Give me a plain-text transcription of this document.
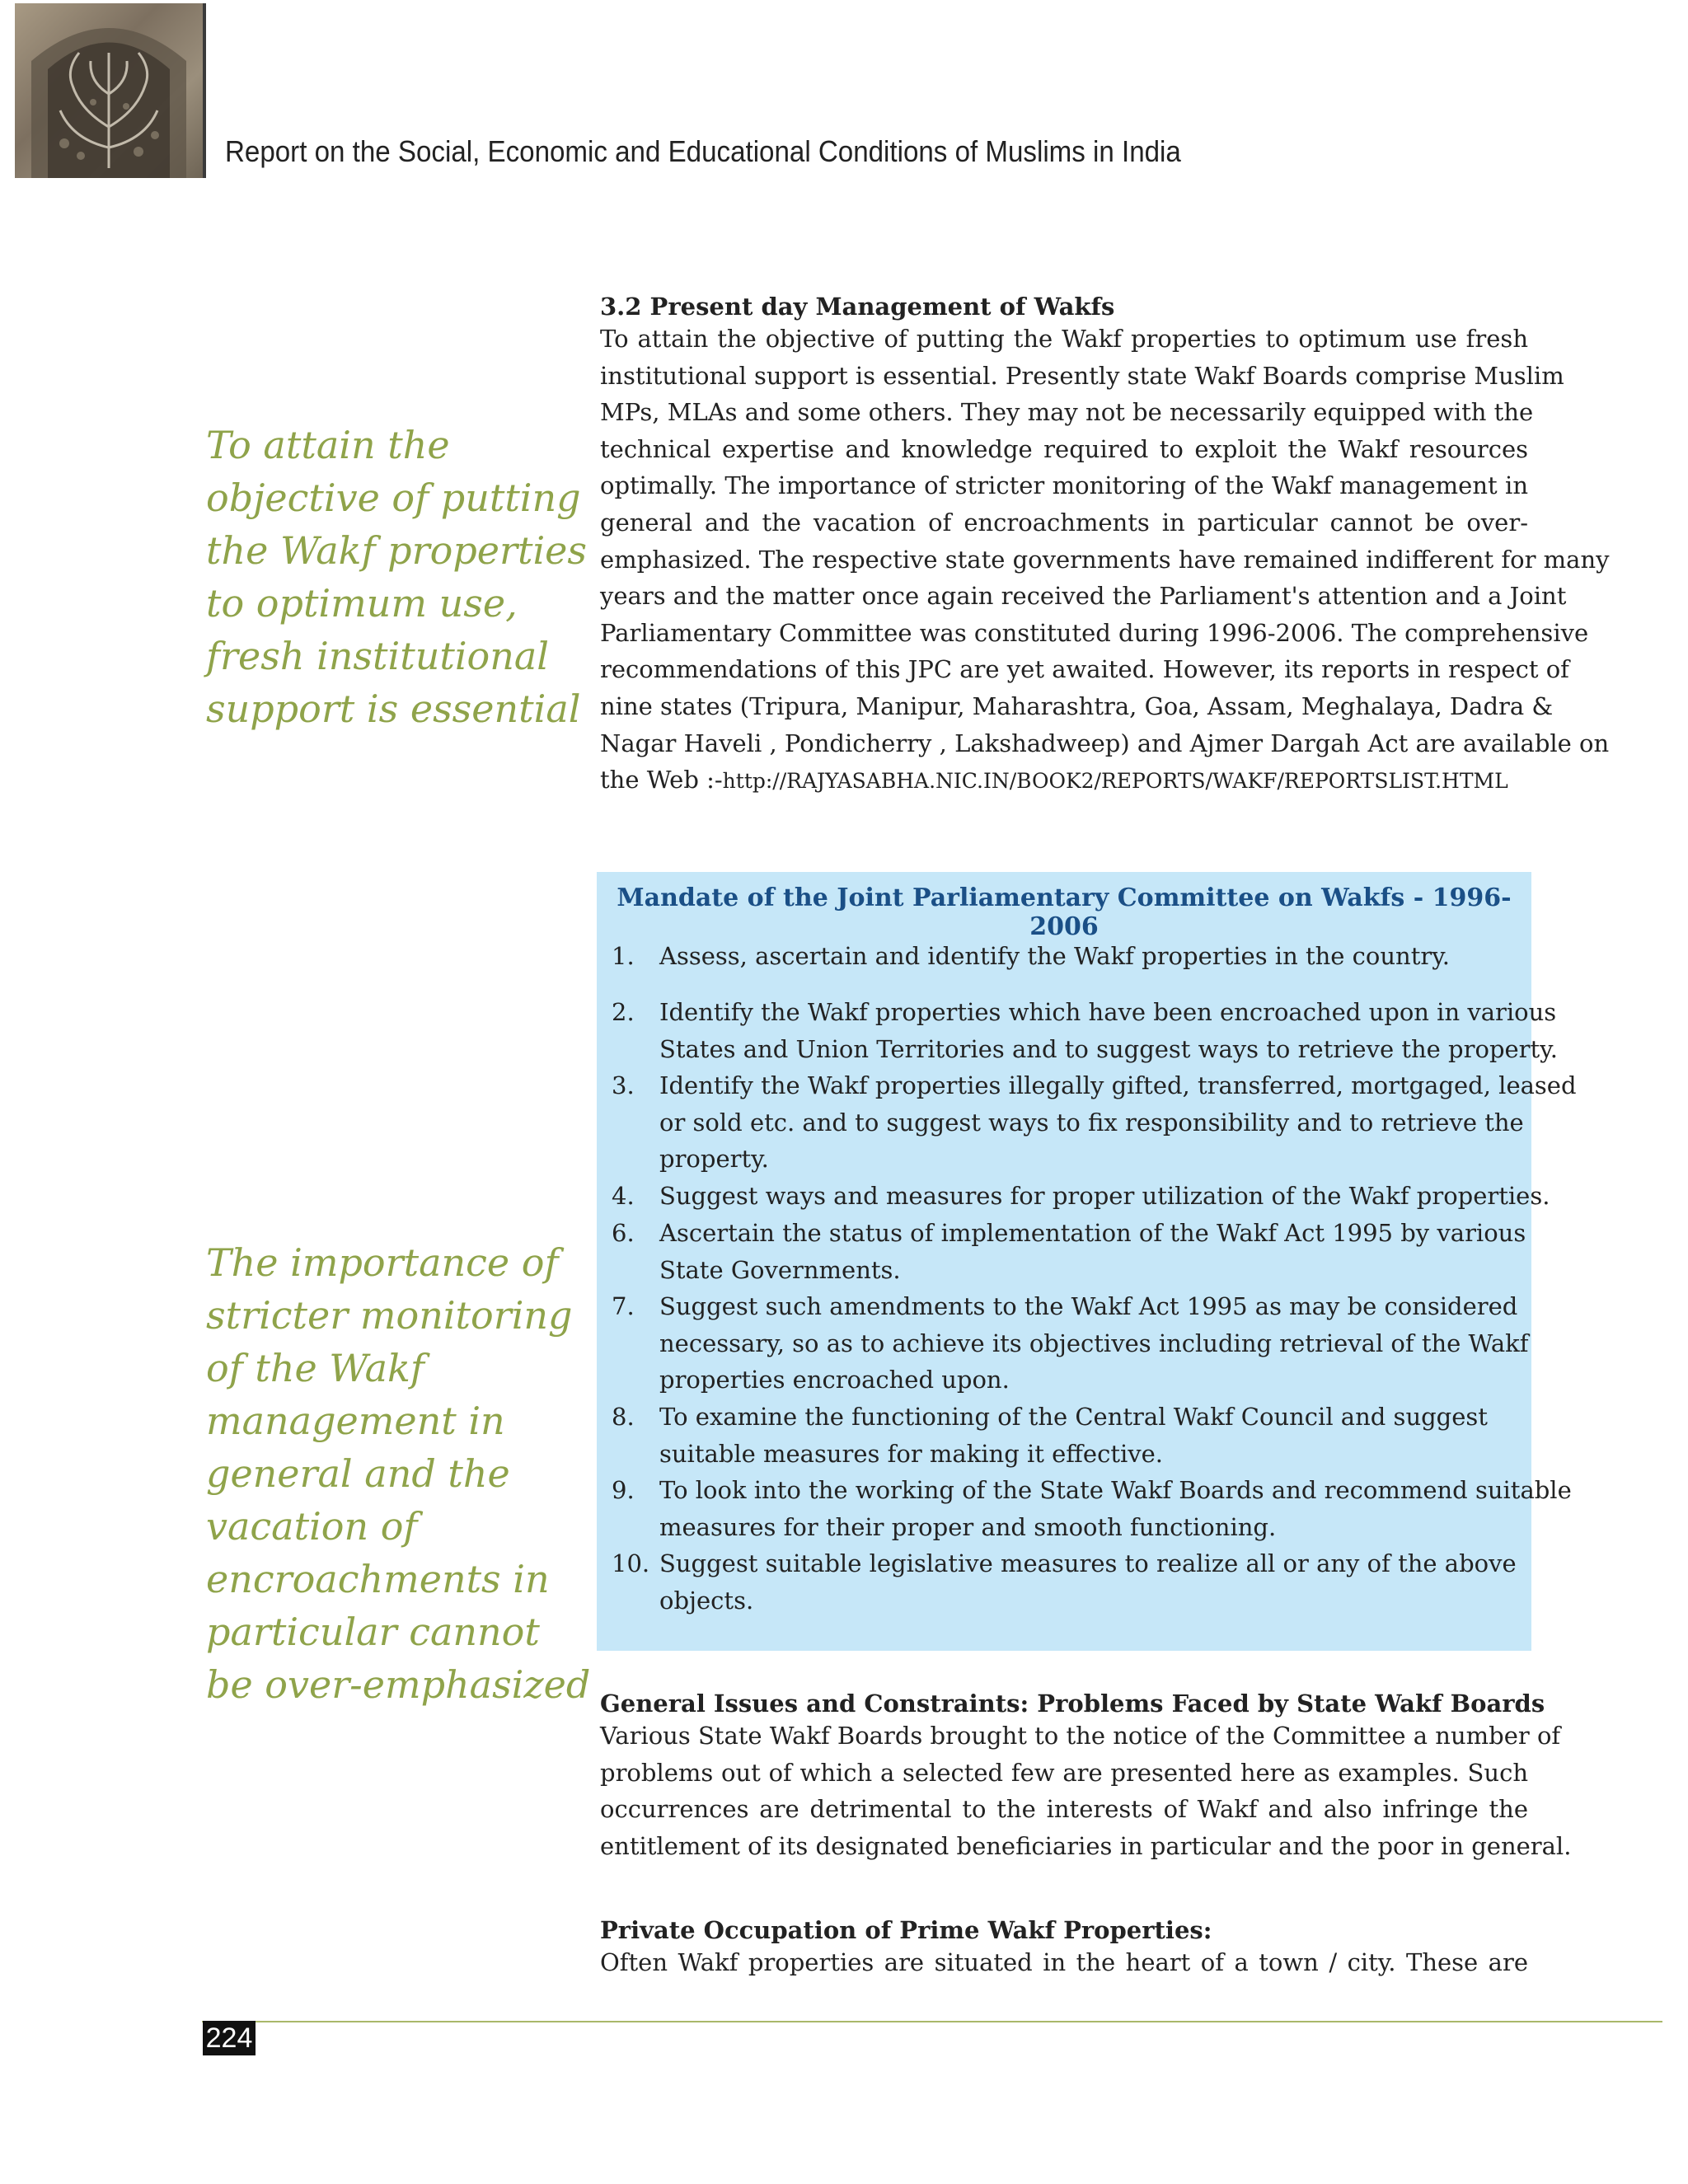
Report on the Social, Economic and Educational Conditions of Muslims in India
To attain the
objective of putting
the Wakf properties
to optimum use,
fresh institutional
support is essential
The importance of
stricter monitoring
of the Wakf
management in
general and the
vacation of
encroachments in
particular cannot
be over-emphasized
3.2 Present day Management of Wakfs

To attain the objective of putting the Wakf properties to optimum use fresh
institutional support is essential. Presently state Wakf Boards comprise Muslim
MPs, MLAs and some others. They may not be necessarily equipped with the
technical expertise and knowledge required to exploit the Wakf resources
optimally. The importance of stricter monitoring of the Wakf management in
general and the vacation of encroachments in particular cannot be over-
emphasized. The respective state governments have remained indifferent for many
years and the matter once again received the Parliament's attention and a Joint
Parliamentary Committee was constituted during 1996-2006. The comprehensive
recommendations of this JPC are yet awaited. However, its reports in respect of
nine states (Tripura, Manipur, Maharashtra, Goa, Assam, Meghalaya, Dadra &
Nagar Haveli , Pondicherry , Lakshadweep) and Ajmer Dargah Act are available on
the Web :-http://RAJYASABHA.NIC.IN/BOOK2/REPORTS/WAKF/REPORTSLIST.HTML

Mandate of the Joint Parliamentary Committee on Wakfs - 1996-2006
1.	Assess, ascertain and identify the Wakf properties in the country.
2.	Identify the Wakf properties which have been encroached upon in various
States and Union Territories and to suggest ways to retrieve the property.
3.	Identify the Wakf properties illegally gifted, transferred, mortgaged, leased
or sold etc. and to suggest ways to fix responsibility and to retrieve the
property.
4.	Suggest ways and measures for proper utilization of the Wakf properties.
6.	Ascertain the status of implementation of the Wakf Act 1995 by various
State Governments.
7.	Suggest such amendments to the Wakf Act 1995 as may be considered
necessary, so as to achieve its objectives including retrieval of the Wakf
properties encroached upon.
8.	To examine the functioning of the Central Wakf Council and suggest
suitable measures for making it effective.
9.	To look into the working of the State Wakf Boards and recommend suitable
measures for their proper and smooth functioning.
10. Suggest suitable legislative measures to realize all or any of the above
objects.
General Issues and Constraints: Problems Faced by State Wakf Boards

Various State Wakf Boards brought to the notice of the Committee a number of
problems out of which a selected few are presented here as examples. Such
occurrences are detrimental to the interests of Wakf and also infringe the
entitlement of its designated beneficiaries in particular and the poor in general.

Private Occupation of Prime Wakf Properties:

Often Wakf properties are situated in the heart of a town / city. These are

224
